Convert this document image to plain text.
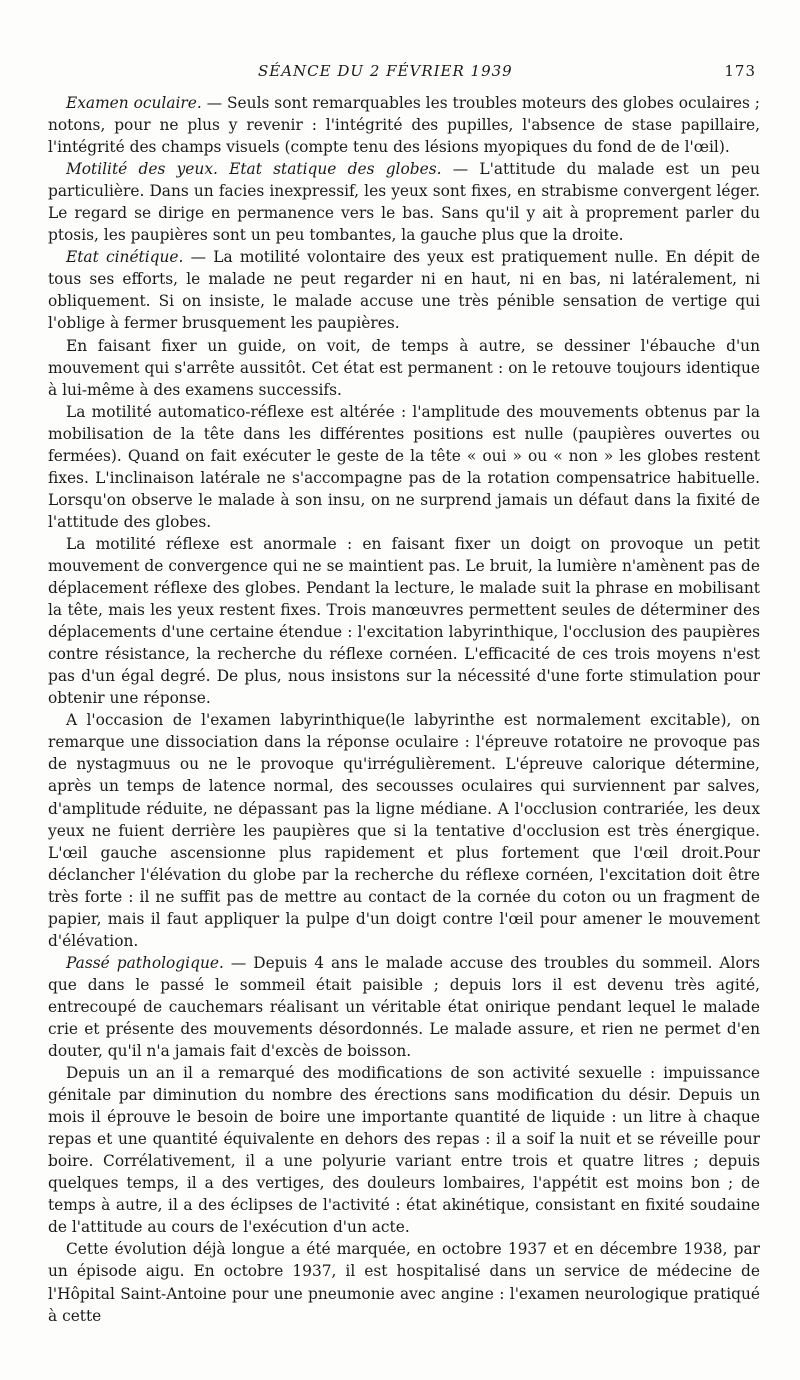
SÉANCE DU 2 FÉVRIER 1939	173

Examen oculaire. — Seuls sont remarquables les troubles moteurs des globes oculaires ; notons, pour ne plus y revenir : l'intégrité des pupilles, l'absence de stase papillaire, l'intégrité des champs visuels (compte tenu des lésions myopiques du fond de de l'œil).

Motilité des yeux. Etat statique des globes. — L'attitude du malade est un peu particulière. Dans un facies inexpressif, les yeux sont fixes, en strabisme convergent léger. Le regard se dirige en permanence vers le bas. Sans qu'il y ait à proprement parler du ptosis, les paupières sont un peu tombantes, la gauche plus que la droite.

Etat cinétique. — La motilité volontaire des yeux est pratiquement nulle. En dépit de tous ses efforts, le malade ne peut regarder ni en haut, ni en bas, ni latéralement, ni obliquement. Si on insiste, le malade accuse une très pénible sensation de vertige qui l'oblige à fermer brusquement les paupières.

En faisant fixer un guide, on voit, de temps à autre, se dessiner l'ébauche d'un mouvement qui s'arrête aussitôt. Cet état est permanent : on le retouve toujours identique à lui-même à des examens successifs.

La motilité automatico-réflexe est altérée : l'amplitude des mouvements obtenus par la mobilisation de la tête dans les différentes positions est nulle (paupières ouvertes ou fermées). Quand on fait exécuter le geste de la tête « oui » ou « non » les globes restent fixes. L'inclinaison latérale ne s'accompagne pas de la rotation compensatrice habituelle. Lorsqu'on observe le malade à son insu, on ne surprend jamais un défaut dans la fixité de l'attitude des globes.

La motilité réflexe est anormale : en faisant fixer un doigt on provoque un petit mouvement de convergence qui ne se maintient pas. Le bruit, la lumière n'amènent pas de déplacement réflexe des globes. Pendant la lecture, le malade suit la phrase en mobilisant la tête, mais les yeux restent fixes. Trois manœuvres permettent seules de déterminer des déplacements d'une certaine étendue : l'excitation labyrinthique, l'occlusion des paupières contre résistance, la recherche du réflexe cornéen. L'efficacité de ces trois moyens n'est pas d'un égal degré. De plus, nous insistons sur la nécessité d'une forte stimulation pour obtenir une réponse.

A l'occasion de l'examen labyrinthique(le labyrinthe est normalement excitable), on remarque une dissociation dans la réponse oculaire : l'épreuve rotatoire ne provoque pas de nystagmuus ou ne le provoque qu'irrégulièrement. L'épreuve calorique détermine, après un temps de latence normal, des secousses oculaires qui surviennent par salves, d'amplitude réduite, ne dépassant pas la ligne médiane. A l'occlusion contrariée, les deux yeux ne fuient derrière les paupières que si la tentative d'occlusion est très énergique. L'œil gauche ascensionne plus rapidement et plus fortement que l'œil droit.Pour déclancher l'élévation du globe par la recherche du réflexe cornéen, l'excitation doit être très forte : il ne suffit pas de mettre au contact de la cornée du coton ou un fragment de papier, mais il faut appliquer la pulpe d'un doigt contre l'œil pour amener le mouvement d'élévation.

Passé pathologique. — Depuis 4 ans le malade accuse des troubles du sommeil. Alors que dans le passé le sommeil était paisible ; depuis lors il est devenu très agité, entrecoupé de cauchemars réalisant un véritable état onirique pendant lequel le malade crie et présente des mouvements désordonnés. Le malade assure, et rien ne permet d'en douter, qu'il n'a jamais fait d'excès de boisson.

Depuis un an il a remarqué des modifications de son activité sexuelle : impuissance génitale par diminution du nombre des érections sans modification du désir. Depuis un mois il éprouve le besoin de boire une importante quantité de liquide : un litre à chaque repas et une quantité équivalente en dehors des repas : il a soif la nuit et se réveille pour boire. Corrélativement, il a une polyurie variant entre trois et quatre litres ; depuis quelques temps, il a des vertiges, des douleurs lombaires, l'appétit est moins bon ; de temps à autre, il a des éclipses de l'activité : état akinétique, consistant en fixité soudaine de l'attitude au cours de l'exécution d'un acte.

Cette évolution déjà longue a été marquée, en octobre 1937 et en décembre 1938, par un épisode aigu. En octobre 1937, il est hospitalisé dans un service de médecine de l'Hôpital Saint-Antoine pour une pneumonie avec angine : l'examen neurologique pratiqué à cette
